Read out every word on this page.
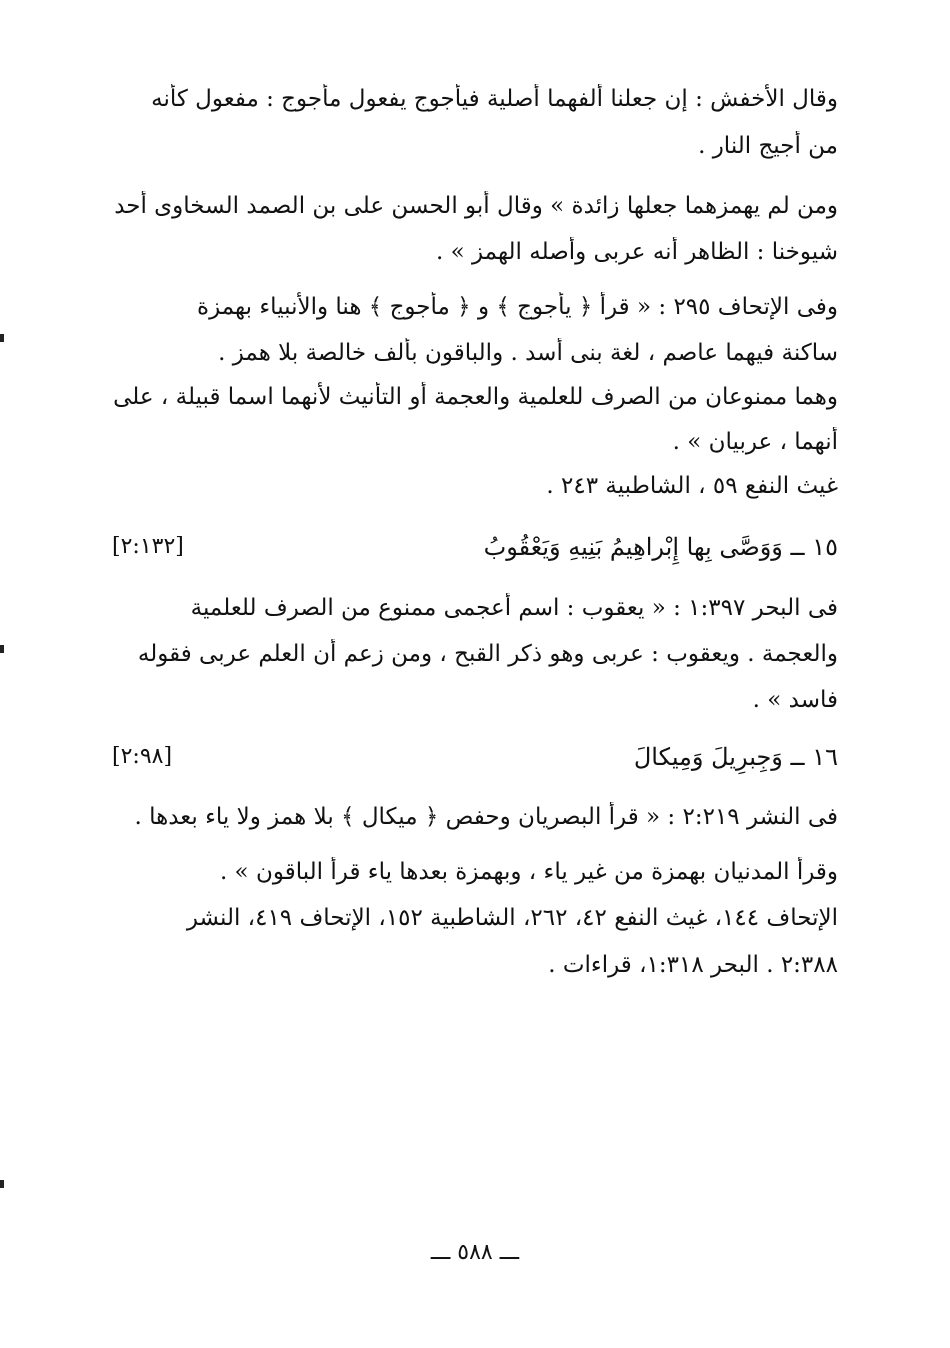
وقال الأخفش : إن جعلنا ألفهما أصلية فيأجوج يفعول مأجوج : مفعول كأنه
من أجيج النار .
ومن لم يهمزهما جعلها زائدة » وقال أبو الحسن على بن الصمد السخاوى أحد
شيوخنا : الظاهر أنه عربى وأصله الهمز » .
وفى الإتحاف ٢٩٥ : « قرأ ﴿ يأجوج ﴾ و ﴿ مأجوج ﴾ هنا والأنبياء بهمزة
ساكنة فيهما عاصم ، لغة بنى أسد . والباقون بألف خالصة بلا همز .
وهما ممنوعان من الصرف للعلمية والعجمة أو التأنيث لأنهما اسما قبيلة ، على
أنهما ، عربيان » .
غيث النفع ٥٩ ، الشاطبية ٢٤٣ .
١٥ ــ وَوَصَّى بِها إِبْراهِيمُ بَنِيهِ وَيَعْقُوبُ
[٢:١٣٢]
فى البحر ١:٣٩٧ : « يعقوب : اسم أعجمى ممنوع من الصرف للعلمية
والعجمة . ويعقوب : عربى وهو ذكر القبح ، ومن زعم أن العلم عربى فقوله
فاسد » .
١٦ ــ وَجِبرِيلَ وَمِيكالَ
[٢:٩٨]
فى النشر ٢:٢١٩ : « قرأ البصريان وحفص ﴿ ميكال ﴾ بلا همز ولا ياء بعدها .
وقرأ المدنيان بهمزة من غير ياء ، وبهمزة بعدها ياء قرأ الباقون » .
الإتحاف ١٤٤، غيث النفع ٤٢، ٢٦٢، الشاطبية ١٥٢، الإتحاف ٤١٩، النشر
٢:٣٨٨ . البحر ١:٣١٨، قراءات .
ـــ ٥٨٨ ـــ
